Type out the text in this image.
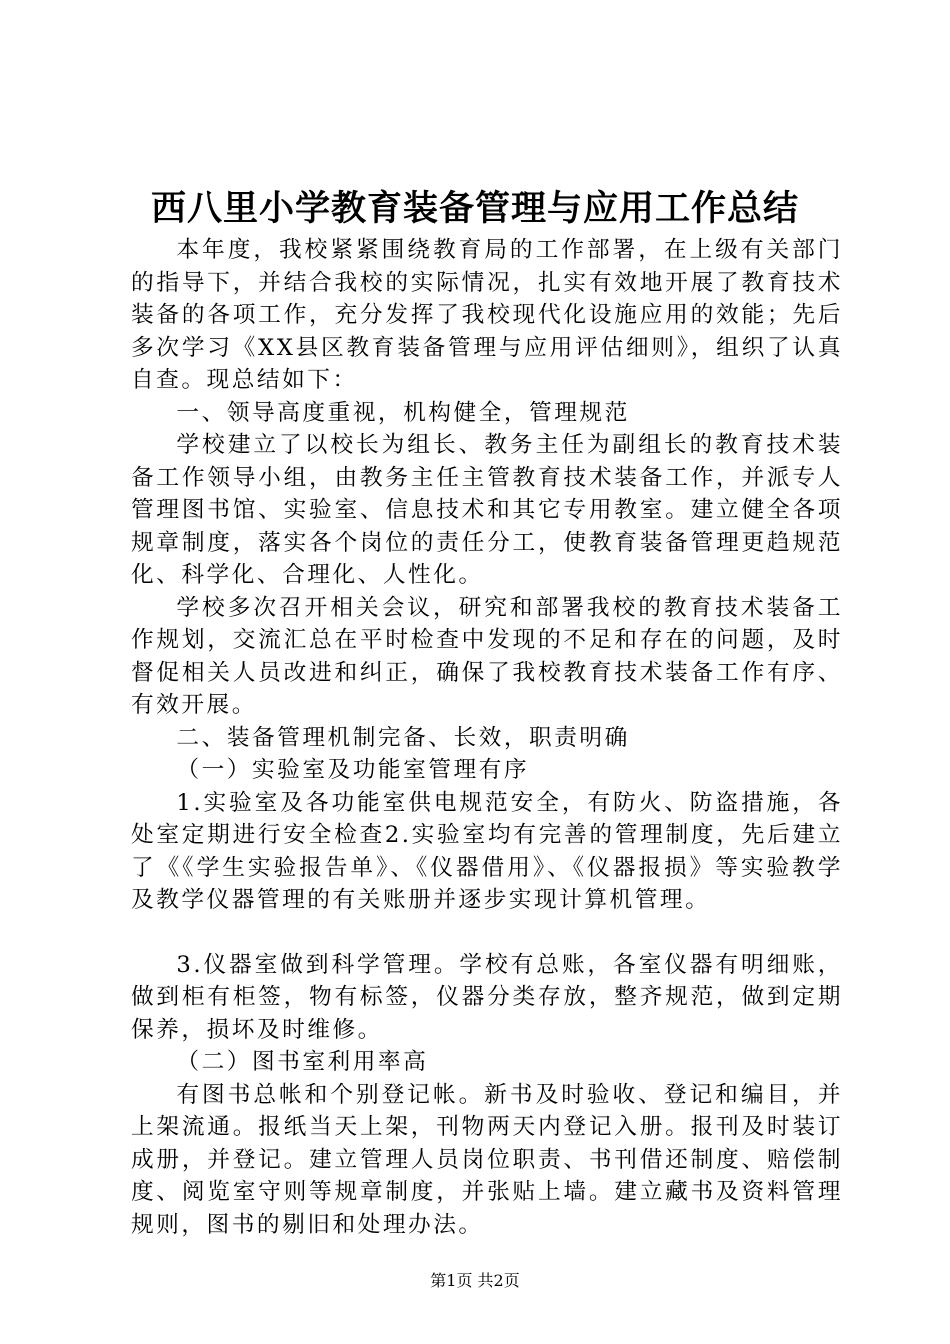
西八里小学教育装备管理与应用工作总结

本年度，我校紧紧围绕教育局的工作部署，在上级有关部门的指导下，并结合我校的实际情况，扎实有效地开展了教育技术装备的各项工作，充分发挥了我校现代化设施应用的效能；先后多次学习《XX县区教育装备管理与应用评估细则》，组织了认真自查。现总结如下：

一、领导高度重视，机构健全，管理规范

学校建立了以校长为组长、教务主任为副组长的教育技术装备工作领导小组，由教务主任主管教育技术装备工作，并派专人管理图书馆、实验室、信息技术和其它专用教室。建立健全各项规章制度，落实各个岗位的责任分工，使教育装备管理更趋规范化、科学化、合理化、人性化。

学校多次召开相关会议，研究和部署我校的教育技术装备工作规划，交流汇总在平时检查中发现的不足和存在的问题，及时督促相关人员改进和纠正，确保了我校教育技术装备工作有序、有效开展。

二、装备管理机制完备、长效，职责明确

（一）实验室及功能室管理有序

1.实验室及各功能室供电规范安全，有防火、防盗措施，各处室定期进行安全检查2.实验室均有完善的管理制度，先后建立了《《学生实验报告单》、《仪器借用》、《仪器报损》等实验教学及教学仪器管理的有关账册并逐步实现计算机管理。

3.仪器室做到科学管理。学校有总账，各室仪器有明细账，做到柜有柜签，物有标签，仪器分类存放，整齐规范，做到定期保养，损坏及时维修。

（二）图书室利用率高

有图书总帐和个别登记帐。新书及时验收、登记和编目，并上架流通。报纸当天上架，刊物两天内登记入册。报刊及时装订成册，并登记。建立管理人员岗位职责、书刊借还制度、赔偿制度、阅览室守则等规章制度，并张贴上墙。建立藏书及资料管理规则，图书的剔旧和处理办法。

第1页 共2页
